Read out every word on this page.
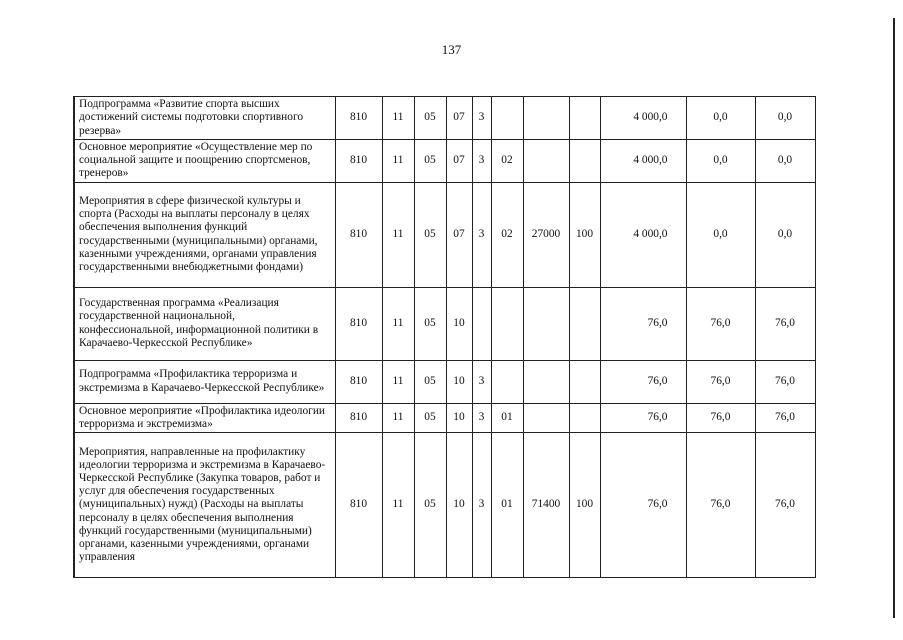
137
Подпрограмма «Развитие спорта высших достижений системы подготовки спортивного резерва»	810	11	05	07	3				4 000,0	0,0	0,0
Основное мероприятие «Осуществление мер по социальной защите и поощрению спортсменов, тренеров»	810	11	05	07	3	02			4 000,0	0,0	0,0
Мероприятия в сфере физической культуры и спорта (Расходы на выплаты персоналу в целях обеспечения выполнения функций государственными (муниципальными) органами, казенными учреждениями, органами управления государственными внебюджетными фондами)	810	11	05	07	3	02	27000	100	4 000,0	0,0	0,0
Государственная программа «Реализация государственной национальной, конфессиональной, информационной политики в Карачаево-Черкесской Республике»	810	11	05	10					76,0	76,0	76,0
Подпрограмма «Профилактика терроризма и экстремизма в Карачаево-Черкесской Республике»	810	11	05	10	3				76,0	76,0	76,0
Основное мероприятие «Профилактика идеологии терроризма и экстремизма»	810	11	05	10	3	01			76,0	76,0	76,0
Мероприятия, направленные на профилактику идеологии терроризма и экстремизма в Карачаево-Черкесской Республике (Закупка товаров, работ и услуг для обеспечения государственных (муниципальных) нужд) (Расходы на выплаты персоналу в целях обеспечения выполнения функций государственными (муниципальными) органами, казенными учреждениями, органами управления	810	11	05	10	3	01	71400	100	76,0	76,0	76,0
